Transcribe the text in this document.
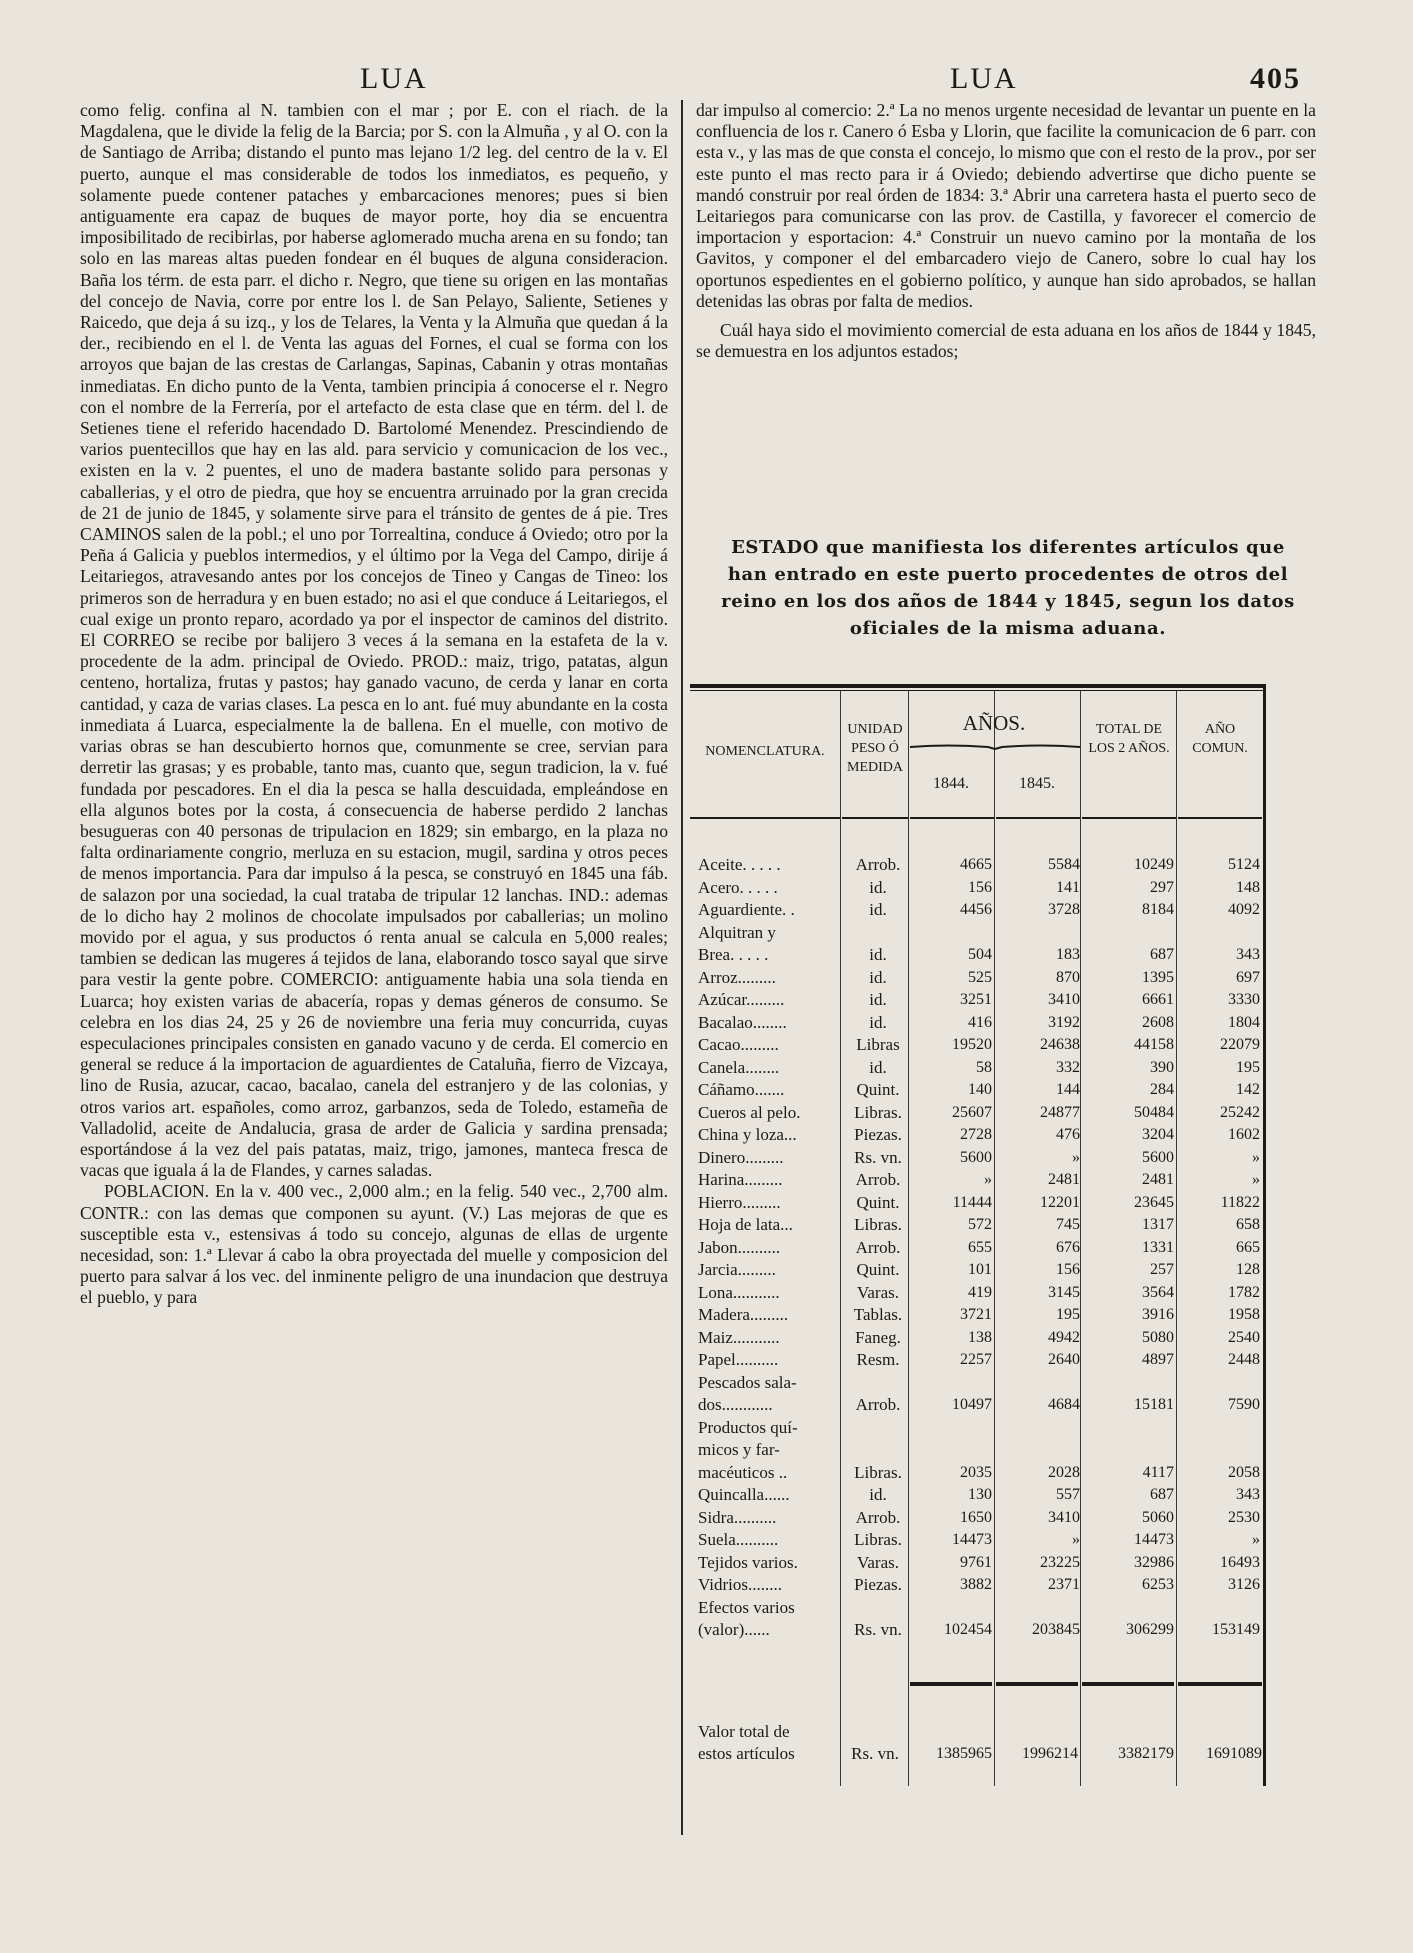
LUA	LUA	405

como felig. confina al N. tambien con el mar ; por E. con el riach. de la Magdalena, que le divide la felig de la Barcia; por S. con la Almuña , y al O. con la de Santiago de Arriba; distando el punto mas lejano 1/2 leg. del centro de la v. El puerto, aunque el mas considerable de todos los inmediatos, es pequeño, y solamente puede contener pataches y embarcaciones menores; pues si bien antiguamente era capaz de buques de mayor porte, hoy dia se encuentra imposibilitado de recibirlas, por haberse aglomerado mucha arena en su fondo; tan solo en las mareas altas pueden fondear en él buques de alguna consideracion. Baña los térm. de esta parr. el dicho r. Negro, que tiene su origen en las montañas del concejo de Navia, corre por entre los l. de San Pelayo, Saliente, Setienes y Raicedo, que deja á su izq., y los de Telares, la Venta y la Almuña que quedan á la der., recibiendo en el l. de Venta las aguas del Fornes, el cual se forma con los arroyos que bajan de las crestas de Carlangas, Sapinas, Cabanin y otras montañas inmediatas. En dicho punto de la Venta, tambien principia á conocerse el r. Negro con el nombre de la Ferrería, por el artefacto de esta clase que en térm. del l. de Setienes tiene el referido hacendado D. Bartolomé Menendez. Prescindiendo de varios puentecillos que hay en las ald. para servicio y comunicacion de los vec., existen en la v. 2 puentes, el uno de madera bastante solido para personas y caballerias, y el otro de piedra, que hoy se encuentra arruinado por la gran crecida de 21 de junio de 1845, y solamente sirve para el tránsito de gentes de á pie. Tres CAMINOS salen de la pobl.; el uno por Torrealtina, conduce á Oviedo; otro por la Peña á Galicia y pueblos intermedios, y el último por la Vega del Campo, dirije á Leitariegos, atravesando antes por los concejos de Tineo y Cangas de Tineo: los primeros son de herradura y en buen estado; no asi el que conduce á Leitariegos, el cual exige un pronto reparo, acordado ya por el inspector de caminos del distrito. El CORREO se recibe por balijero 3 veces á la semana en la estafeta de la v. procedente de la adm. principal de Oviedo. PROD.: maiz, trigo, patatas, algun centeno, hortaliza, frutas y pastos; hay ganado vacuno, de cerda y lanar en corta cantidad, y caza de varias clases. La pesca en lo ant. fué muy abundante en la costa inmediata á Luarca, especialmente la de ballena. En el muelle, con motivo de varias obras se han descubierto hornos que, comunmente se cree, servian para derretir las grasas; y es probable, tanto mas, cuanto que, segun tradicion, la v. fué fundada por pescadores. En el dia la pesca se halla descuidada, empleándose en ella algunos botes por la costa, á consecuencia de haberse perdido 2 lanchas besugueras con 40 personas de tripulacion en 1829; sin embargo, en la plaza no falta ordinariamente congrio, merluza en su estacion, mugil, sardina y otros peces de menos importancia. Para dar impulso á la pesca, se construyó en 1845 una fáb. de salazon por una sociedad, la cual trataba de tripular 12 lanchas. IND.: ademas de lo dicho hay 2 molinos de chocolate impulsados por caballerias; un molino movido por el agua, y sus productos ó renta anual se calcula en 5,000 reales; tambien se dedican las mugeres á tejidos de lana, elaborando tosco sayal que sirve para vestir la gente pobre. COMERCIO: antiguamente habia una sola tienda en Luarca; hoy existen varias de abacería, ropas y demas géneros de consumo. Se celebra en los dias 24, 25 y 26 de noviembre una feria muy concurrida, cuyas especulaciones principales consisten en ganado vacuno y de cerda. El comercio en general se reduce á la importacion de aguardientes de Cataluña, fierro de Vizcaya, lino de Rusia, azucar, cacao, bacalao, canela del estranjero y de las colonias, y otros varios art. españoles, como arroz, garbanzos, seda de Toledo, estameña de Valladolid, aceite de Andalucia, grasa de arder de Galicia y sardina prensada; esportándose á la vez del pais patatas, maiz, trigo, jamones, manteca fresca de vacas que iguala á la de Flandes, y carnes saladas.

POBLACION. En la v. 400 vec., 2,000 alm.; en la felig. 540 vec., 2,700 alm. CONTR.: con las demas que componen su ayunt. (V.) Las mejoras de que es susceptible esta v., estensivas á todo su concejo, algunas de ellas de urgente necesidad, son: 1.ª Llevar á cabo la obra proyectada del muelle y composicion del puerto para salvar á los vec. del inminente peligro de una inundacion que destruya el pueblo, y para

dar impulso al comercio: 2.ª La no menos urgente necesidad de levantar un puente en la confluencia de los r. Canero ó Esba y Llorin, que facilite la comunicacion de 6 parr. con esta v., y las mas de que consta el concejo, lo mismo que con el resto de la prov., por ser este punto el mas recto para ir á Oviedo; debiendo advertirse que dicho puente se mandó construir por real órden de 1834: 3.ª Abrir una carretera hasta el puerto seco de Leitariegos para comunicarse con las prov. de Castilla, y favorecer el comercio de importacion y esportacion: 4.ª Construir un nuevo camino por la montaña de los Gavitos, y componer el del embarcadero viejo de Canero, sobre lo cual hay los oportunos espedientes en el gobierno político, y aunque han sido aprobados, se hallan detenidas las obras por falta de medios.

Cuál haya sido el movimiento comercial de esta aduana en los años de 1844 y 1845, se demuestra en los adjuntos estados;

ESTADO que manifiesta los diferentes artículos que han entrado en este puerto procedentes de otros del reino en los dos años de 1844 y 1845, segun los datos oficiales de la misma aduana.
NOMENCLATURA.
UNIDAD PESO Ó MEDIDA
AÑOS.
1844.	1845.
TOTAL DE LOS 2 AÑOS.
AÑO COMUN.
Aceite. . . . .	Arrob.	4665	5584	10249	5124
Acero. . . . .	id.	156	141	297	148
Aguardiente. .	id.	4456	3728	8184	4092
Alquitran y
Brea. . . . .	id.	504	183	687	343
Arroz.........	id.	525	870	1395	697
Azúcar.........	id.	3251	3410	6661	3330
Bacalao........	id.	416	3192	2608	1804
Cacao.........	Libras	19520	24638	44158	22079
Canela........	id.	58	332	390	195
Cáñamo.......	Quint.	140	144	284	142
Cueros al pelo.	Libras.	25607	24877	50484	25242
China y loza...	Piezas.	2728	476	3204	1602
Dinero.........	Rs. vn.	5600	»	5600	»
Harina.........	Arrob.	»	2481	2481	»
Hierro.........	Quint.	11444	12201	23645	11822
Hoja de lata...	Libras.	572	745	1317	658
Jabon..........	Arrob.	655	676	1331	665
Jarcia.........	Quint.	101	156	257	128
Lona...........	Varas.	419	3145	3564	1782
Madera.........	Tablas.	3721	195	3916	1958
Maiz...........	Faneg.	138	4942	5080	2540
Papel..........	Resm.	2257	2640	4897	2448
Pescados sala-
dos............	Arrob.	10497	4684	15181	7590
Productos quí-
micos y far-
macéuticos ..	Libras.	2035	2028	4117	2058
Quincalla......	id.	130	557	687	343
Sidra..........	Arrob.	1650	3410	5060	2530
Suela..........	Libras.	14473	»	14473	»
Tejidos varios.	Varas.	9761	23225	32986	16493
Vidrios........	Piezas.	3882	2371	6253	3126
Efectos varios
(valor)......	Rs. vn.	102454	203845	306299	153149
Valor total de
estos artículos	Rs. vn.	1385965	1996214	3382179	1691089
